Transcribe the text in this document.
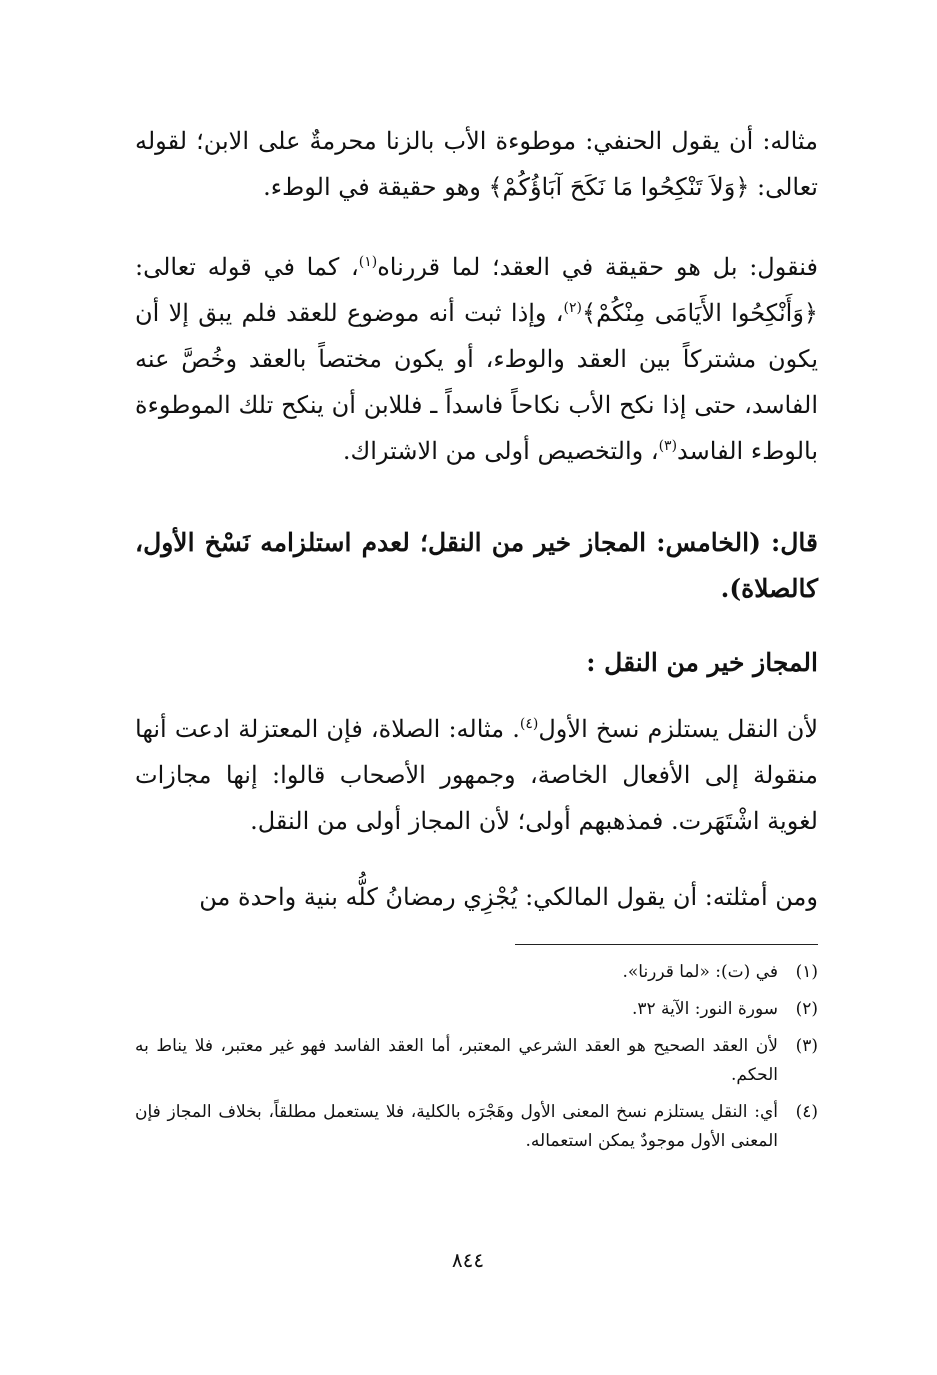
مثاله: أن يقول الحنفي: موطوءة الأب بالزنا محرمةٌ على الابن؛ لقوله تعالى: ﴿وَلاَ تَنْكِحُوا مَا نَكَحَ آبَاؤُكُمْ﴾ وهو حقيقة في الوطء.

فنقول: بل هو حقيقة في العقد؛ لما قررناه$^{(١)}$، كما في قوله تعالى: ﴿وَأَنْكِحُوا الأَيَامَى مِنْكُمْ﴾$^{(٢)}$، وإذا ثبت أنه موضوع للعقد فلم يبق إلا أن يكون مشتركاً بين العقد والوطء، أو يكون مختصاً بالعقد وخُصَّ عنه الفاسد، حتى إذا نكح الأب نكاحاً فاسداً ـ فللابن أن ينكح تلك الموطوءة بالوطء الفاسد$^{(٣)}$، والتخصيص أولى من الاشتراك.

قال: (الخامس: المجاز خير من النقل؛ لعدم استلزامه نَسْخ الأول، كالصلاة).

المجاز خير من النقل :

لأن النقل يستلزم نسخ الأول$^{(٤)}$. مثاله: الصلاة، فإن المعتزلة ادعت أنها منقولة إلى الأفعال الخاصة، وجمهور الأصحاب قالوا: إنها مجازات لغوية اشْتَهَرت. فمذهبهم أولى؛ لأن المجاز أولى من النقل.

ومن أمثلته: أن يقول المالكي: يُجْزِي رمضانُ كلُّه بنية واحدة من

(١)
في (ت): «لما قررنا».
(٢)
سورة النور: الآية ٣٢.
(٣)
لأن العقد الصحيح هو العقد الشرعي المعتبر، أما العقد الفاسد فهو غير معتبر، فلا يناط به الحكم.
(٤)
أي: النقل يستلزم نسخ المعنى الأول وهَجْرَه بالكلية، فلا يستعمل مطلقاً، بخلاف المجاز فإن المعنى الأول موجودٌ يمكن استعماله.
٨٤٤
